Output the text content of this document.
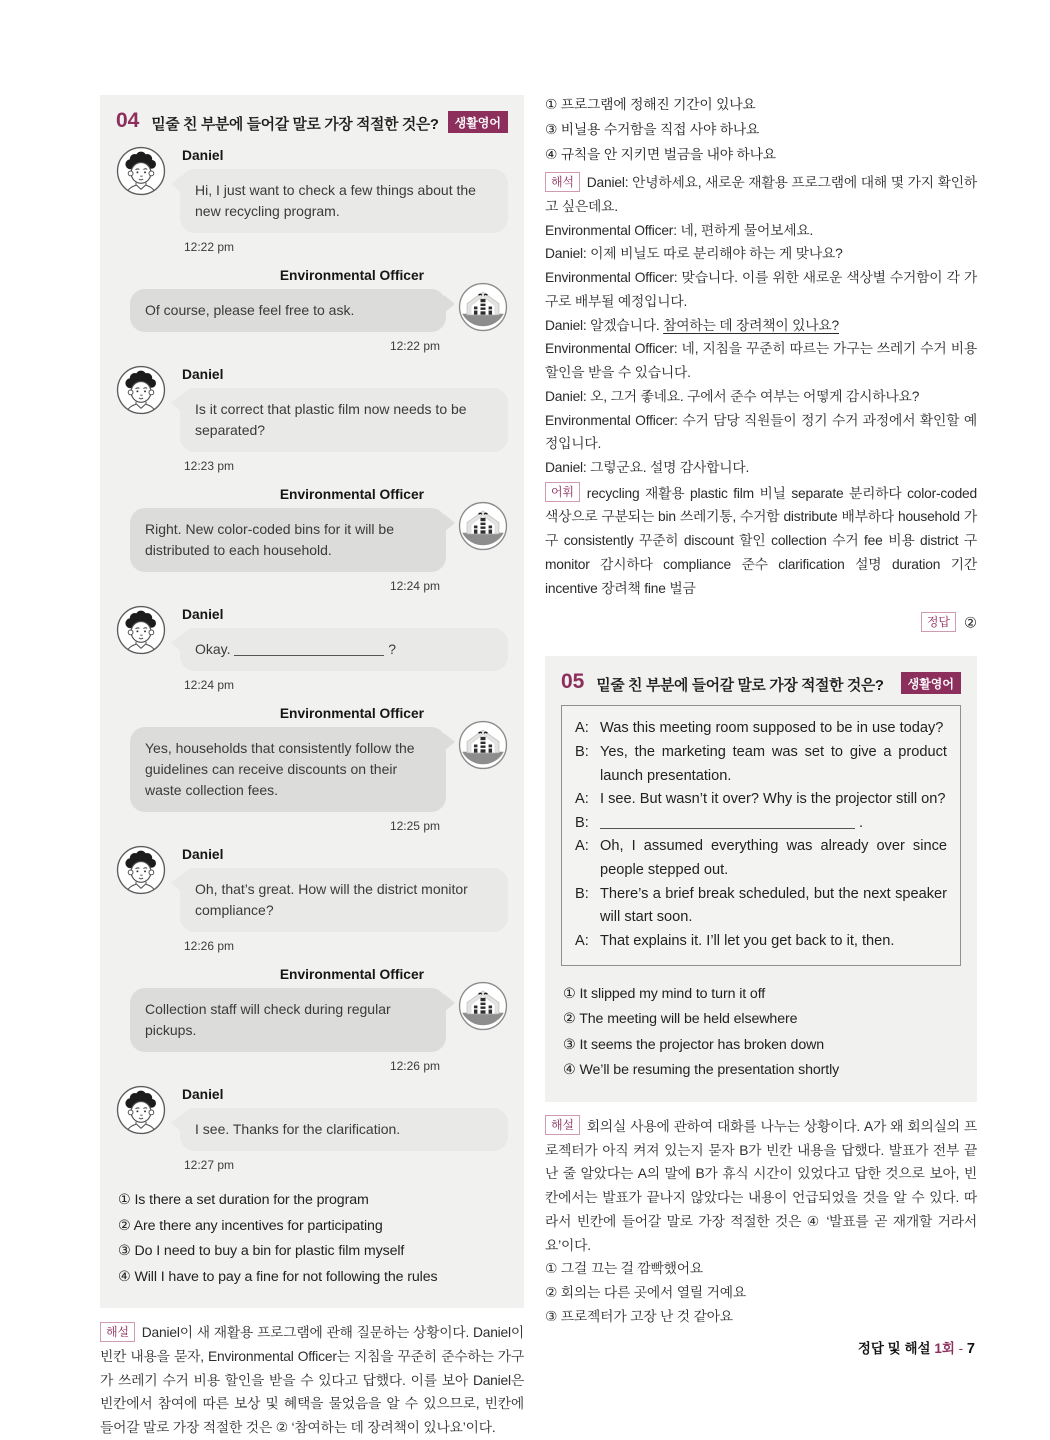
04 밑줄 친 부분에 들어갈 말로 가장 적절한 것은?	생활영어
Daniel
Hi, I just want to check a few things about the new recycling program.
12:22 pm
Environmental Officer
Of course, please feel free to ask.
12:22 pm
Daniel
Is it correct that plastic film now needs to be separated?
12:23 pm
Environmental Officer
Right. New color-coded bins for it will be distributed to each household.
12:24 pm
Daniel
Okay.	?
12:24 pm
Environmental Officer
Yes, households that consistently follow the guidelines can receive discounts on their waste collection fees.
12:25 pm
Daniel
Oh, that’s great. How will the district monitor compliance?
12:26 pm
Environmental Officer
Collection staff will check during regular pickups.
12:26 pm
Daniel
I see. Thanks for the clarification.
12:27 pm
① Is there a set duration for the program
② Are there any incentives for participating
③ Do I need to buy a bin for plastic film myself
④ Will I have to pay a fine for not following the rules
해설 Daniel이 새 재활용 프로그램에 관해 질문하는 상황이다. Daniel이 빈칸 내용을 묻자, Environmental Officer는 지침을 꾸준히 준수하는 가구가 쓰레기 수거 비용 할인을 받을 수 있다고 답했다. 이를 보아 Daniel은 빈칸에서 참여에 따른 보상 및 혜택을 물었음을 알 수 있으므로, 빈칸에 들어갈 말로 가장 적절한 것은 ② ‘참여하는 데 장려책이 있나요’이다.
① 프로그램에 정해진 기간이 있나요
③ 비닐용 수거함을 직접 사야 하나요
④ 규칙을 안 지키면 벌금을 내야 하나요

해석 Daniel: 안녕하세요, 새로운 재활용 프로그램에 대해 몇 가지 확인하고 싶은데요.

Environmental Officer: 네, 편하게 물어보세요.

Daniel: 이제 비닐도 따로 분리해야 하는 게 맞나요?

Environmental Officer: 맞습니다. 이를 위한 새로운 색상별 수거함이 각 가구로 배부될 예정입니다.

Daniel: 알겠습니다. 참여하는 데 장려책이 있나요?

Environmental Officer: 네, 지침을 꾸준히 따르는 가구는 쓰레기 수거 비용 할인을 받을 수 있습니다.

Daniel: 오, 그거 좋네요. 구에서 준수 여부는 어떻게 감시하나요?

Environmental Officer: 수거 담당 직원들이 정기 수거 과정에서 확인할 예정입니다.

Daniel: 그렇군요. 설명 감사합니다.

어휘 recycling 재활용 plastic film 비닐 separate 분리하다 color-coded 색상으로 구분되는 bin 쓰레기통, 수거함 distribute 배부하다 household 가구 consistently 꾸준히 discount 할인 collection 수거 fee 비용 district 구 monitor 감시하다 compliance 준수 clarification 설명 duration 기간 incentive 장려책 fine 벌금

정답 ②
05 밑줄 친 부분에 들어갈 말로 가장 적절한 것은?	생활영어
A: Was this meeting room supposed to be in use today?
B: Yes, the marketing team was set to give a product launch presentation.
A: I see. But wasn’t it over? Why is the projector still on?
B:	.
A: Oh, I assumed everything was already over since people stepped out.
B: There’s a brief break scheduled, but the next speaker will start soon.
A: That explains it. I’ll let you get back to it, then.
① It slipped my mind to turn it off
② The meeting will be held elsewhere
③ It seems the projector has broken down
④ We’ll be resuming the presentation shortly
해설 회의실 사용에 관하여 대화를 나누는 상황이다. A가 왜 회의실의 프로젝터가 아직 켜져 있는지 묻자 B가 빈칸 내용을 답했다. 발표가 전부 끝난 줄 알았다는 A의 말에 B가 휴식 시간이 있었다고 답한 것으로 보아, 빈칸에서는 발표가 끝나지 않았다는 내용이 언급되었을 것을 알 수 있다. 따라서 빈칸에 들어갈 말로 가장 적절한 것은 ④ ‘발표를 곧 재개할 거라서요’이다.
① 그걸 끄는 걸 깜빡했어요
② 회의는 다른 곳에서 열릴 거예요
③ 프로젝터가 고장 난 것 같아요
정답 및 해설 1회 - 7
